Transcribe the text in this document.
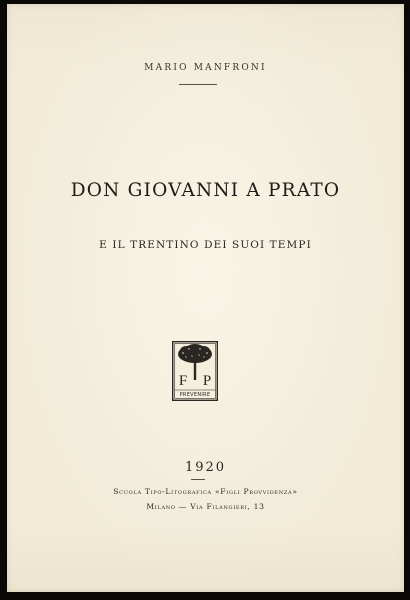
MARIO MANFRONI
DON GIOVANNI A PRATO
E IL TRENTINO DEI SUOI TEMPI
F P
PREVENIRE
1920
Scuola Tipo-Litografica «Figli Provvidenza»
Milano — Via Filangieri, 13
